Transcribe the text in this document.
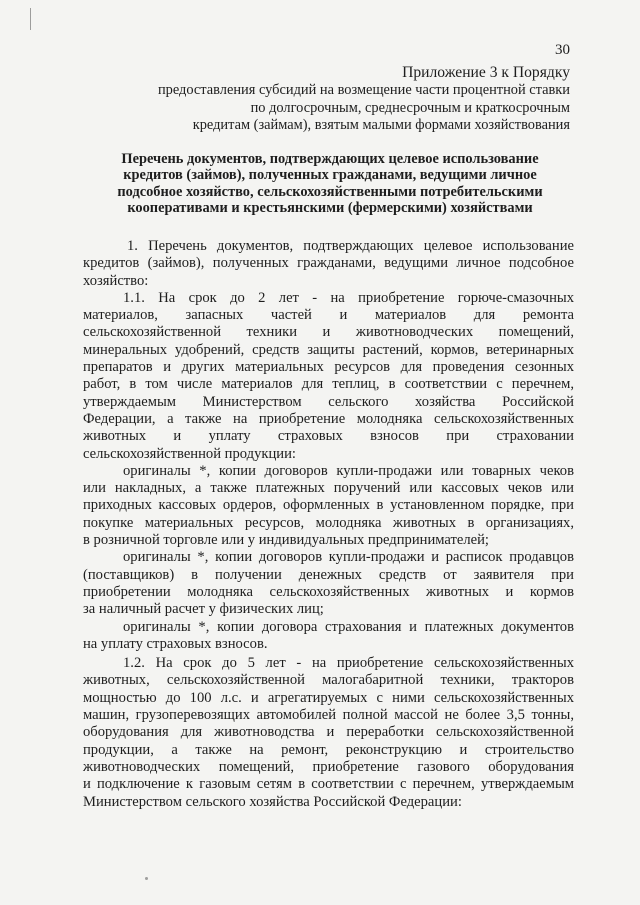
30

Приложение 3 к Порядку
предоставления субсидий на возмещение части процентной ставки
по долгосрочным, среднесрочным и краткосрочным
кредитам (займам), взятым малыми формами хозяйствования
Перечень документов, подтверждающих целевое использование
кредитов (займов), полученных гражданами, ведущими личное
подсобное хозяйство, сельскохозяйственными потребительскими
кооперативами и крестьянскими (фермерскими) хозяйствами
1. Перечень документов, подтверждающих целевое использование
кредитов (займов), полученных гражданами, ведущими личное подсобное
хозяйство:
1.1. На срок до 2 лет - на приобретение горюче-смазочных
материалов, запасных частей и материалов для ремонта
сельскохозяйственной техники и животноводческих помещений,
минеральных удобрений, средств защиты растений, кормов, ветеринарных
препаратов и других материальных ресурсов для проведения сезонных
работ, в том числе материалов для теплиц, в соответствии с перечнем,
утверждаемым Министерством сельского хозяйства Российской
Федерации, а также на приобретение молодняка сельскохозяйственных
животных и уплату страховых взносов при страховании
сельскохозяйственной продукции:
оригиналы *, копии договоров купли-продажи или товарных чеков
или накладных, а также платежных поручений или кассовых чеков или
приходных кассовых ордеров, оформленных в установленном порядке, при
покупке материальных ресурсов, молодняка животных в организациях,
в розничной торговле или у индивидуальных предпринимателей;
оригиналы *, копии договоров купли-продажи и расписок продавцов
(поставщиков) в получении денежных средств от заявителя при
приобретении молодняка сельскохозяйственных животных и кормов
за наличный расчет у физических лиц;
оригиналы *, копии договора страхования и платежных документов
на уплату страховых взносов.
1.2. На срок до 5 лет - на приобретение сельскохозяйственных
животных, сельскохозяйственной малогабаритной техники, тракторов
мощностью до 100 л.с. и агрегатируемых с ними сельскохозяйственных
машин, грузоперевозящих автомобилей полной массой не более 3,5 тонны,
оборудования для животноводства и переработки сельскохозяйственной
продукции, а также на ремонт, реконструкцию и строительство
животноводческих помещений, приобретение газового оборудования
и подключение к газовым сетям в соответствии с перечнем, утверждаемым
Министерством сельского хозяйства Российской Федерации:
